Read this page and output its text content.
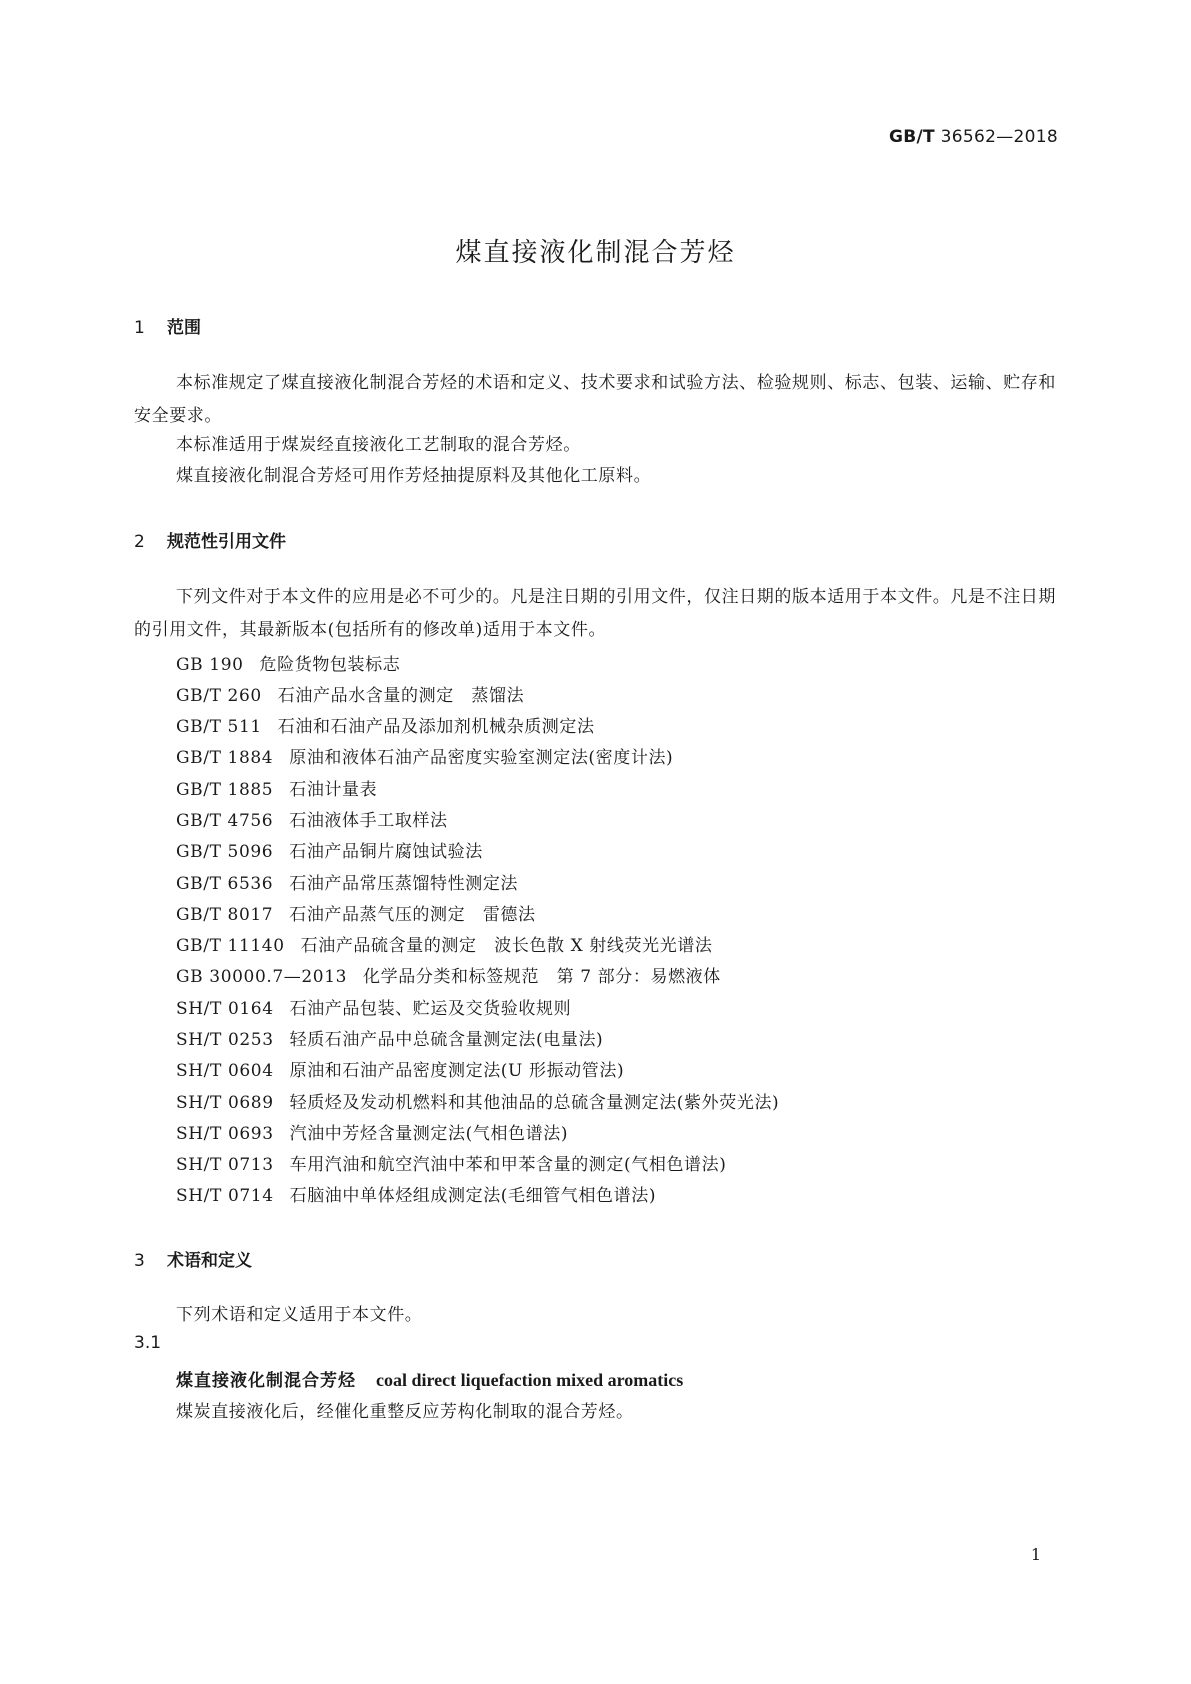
GB/T 36562—2018
煤直接液化制混合芳烃
1 范围
本标准规定了煤直接液化制混合芳烃的术语和定义、技术要求和试验方法、检验规则、标志、包装、运输、贮存和安全要求。
本标准适用于煤炭经直接液化工艺制取的混合芳烃。
煤直接液化制混合芳烃可用作芳烃抽提原料及其他化工原料。
2 规范性引用文件
下列文件对于本文件的应用是必不可少的。凡是注日期的引用文件，仅注日期的版本适用于本文件。凡是不注日期的引用文件，其最新版本(包括所有的修改单)适用于本文件。
GB 190 危险货物包装标志
GB/T 260 石油产品水含量的测定　蒸馏法
GB/T 511 石油和石油产品及添加剂机械杂质测定法
GB/T 1884 原油和液体石油产品密度实验室测定法(密度计法)
GB/T 1885 石油计量表
GB/T 4756 石油液体手工取样法
GB/T 5096 石油产品铜片腐蚀试验法
GB/T 6536 石油产品常压蒸馏特性测定法
GB/T 8017 石油产品蒸气压的测定　雷德法
GB/T 11140 石油产品硫含量的测定　波长色散 X 射线荧光光谱法
GB 30000.7—2013 化学品分类和标签规范　第 7 部分：易燃液体
SH/T 0164 石油产品包装、贮运及交货验收规则
SH/T 0253 轻质石油产品中总硫含量测定法(电量法)
SH/T 0604 原油和石油产品密度测定法(U 形振动管法)
SH/T 0689 轻质烃及发动机燃料和其他油品的总硫含量测定法(紫外荧光法)
SH/T 0693 汽油中芳烃含量测定法(气相色谱法)
SH/T 0713 车用汽油和航空汽油中苯和甲苯含量的测定(气相色谱法)
SH/T 0714 石脑油中单体烃组成测定法(毛细管气相色谱法)
3 术语和定义
下列术语和定义适用于本文件。
3.1
煤直接液化制混合芳烃 coal direct liquefaction mixed aromatics
煤炭直接液化后，经催化重整反应芳构化制取的混合芳烃。
1
